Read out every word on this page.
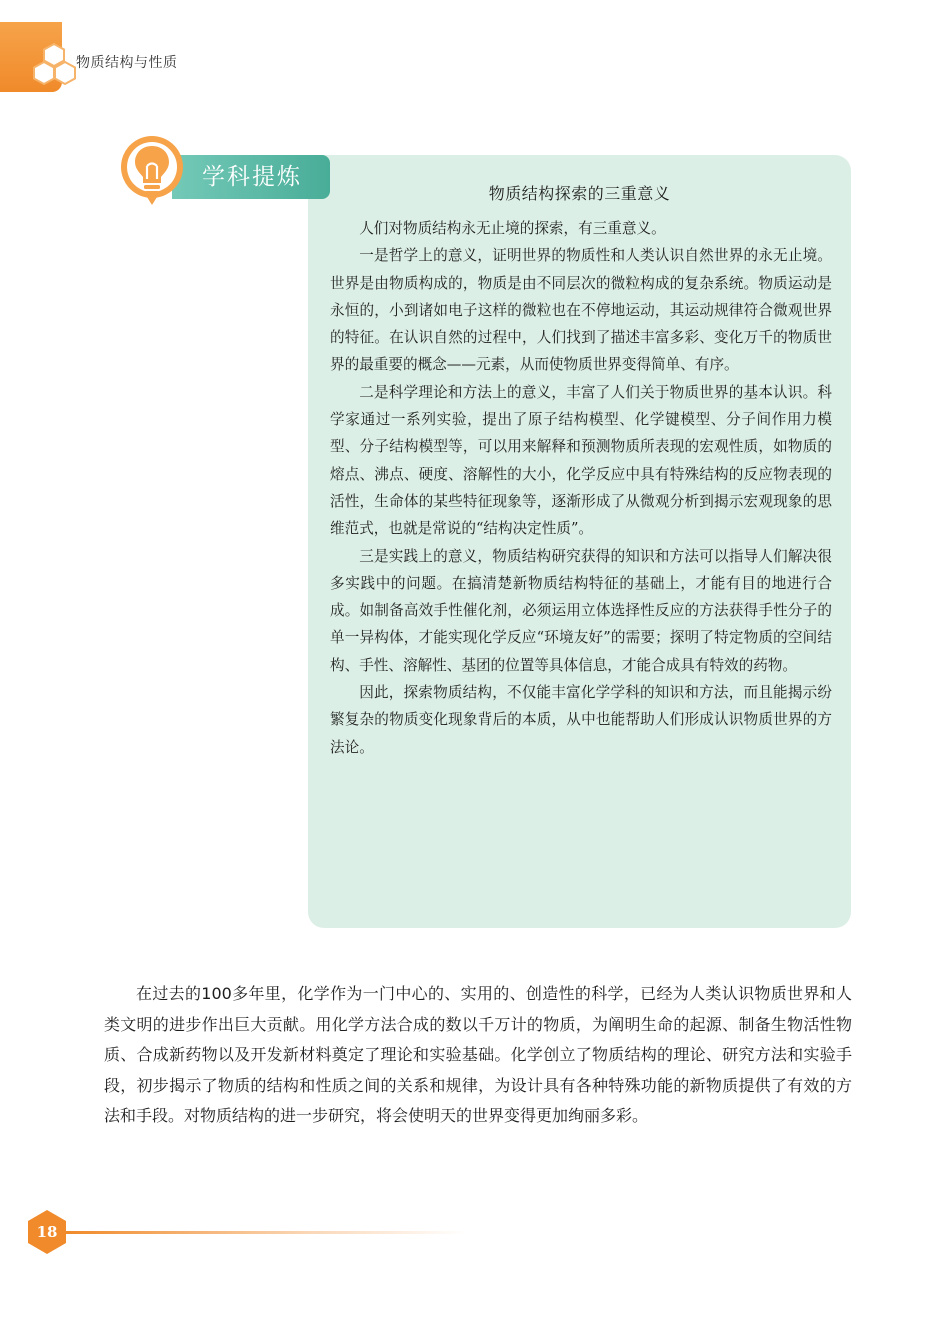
物质结构与性质
学科提炼
物质结构探索的三重意义

人们对物质结构永无止境的探索，有三重意义。

一是哲学上的意义，证明世界的物质性和人类认识自然世界的永无止境。世界是由物质构成的，物质是由不同层次的微粒构成的复杂系统。物质运动是永恒的，小到诸如电子这样的微粒也在不停地运动，其运动规律符合微观世界的特征。在认识自然的过程中，人们找到了描述丰富多彩、变化万千的物质世界的最重要的概念——元素，从而使物质世界变得简单、有序。

二是科学理论和方法上的意义，丰富了人们关于物质世界的基本认识。科学家通过一系列实验，提出了原子结构模型、化学键模型、分子间作用力模型、分子结构模型等，可以用来解释和预测物质所表现的宏观性质，如物质的熔点、沸点、硬度、溶解性的大小，化学反应中具有特殊结构的反应物表现的活性，生命体的某些特征现象等，逐渐形成了从微观分析到揭示宏观现象的思维范式，也就是常说的“结构决定性质”。

三是实践上的意义，物质结构研究获得的知识和方法可以指导人们解决很多实践中的问题。在搞清楚新物质结构特征的基础上，才能有目的地进行合成。如制备高效手性催化剂，必须运用立体选择性反应的方法获得手性分子的单一异构体，才能实现化学反应“环境友好”的需要；探明了特定物质的空间结构、手性、溶解性、基团的位置等具体信息，才能合成具有特效的药物。

因此，探索物质结构，不仅能丰富化学学科的知识和方法，而且能揭示纷繁复杂的物质变化现象背后的本质，从中也能帮助人们形成认识物质世界的方法论。

在过去的100多年里，化学作为一门中心的、实用的、创造性的科学，已经为人类认识物质世界和人类文明的进步作出巨大贡献。用化学方法合成的数以千万计的物质，为阐明生命的起源、制备生物活性物质、合成新药物以及开发新材料奠定了理论和实验基础。化学创立了物质结构的理论、研究方法和实验手段，初步揭示了物质的结构和性质之间的关系和规律，为设计具有各种特殊功能的新物质提供了有效的方法和手段。对物质结构的进一步研究，将会使明天的世界变得更加绚丽多彩。

18
